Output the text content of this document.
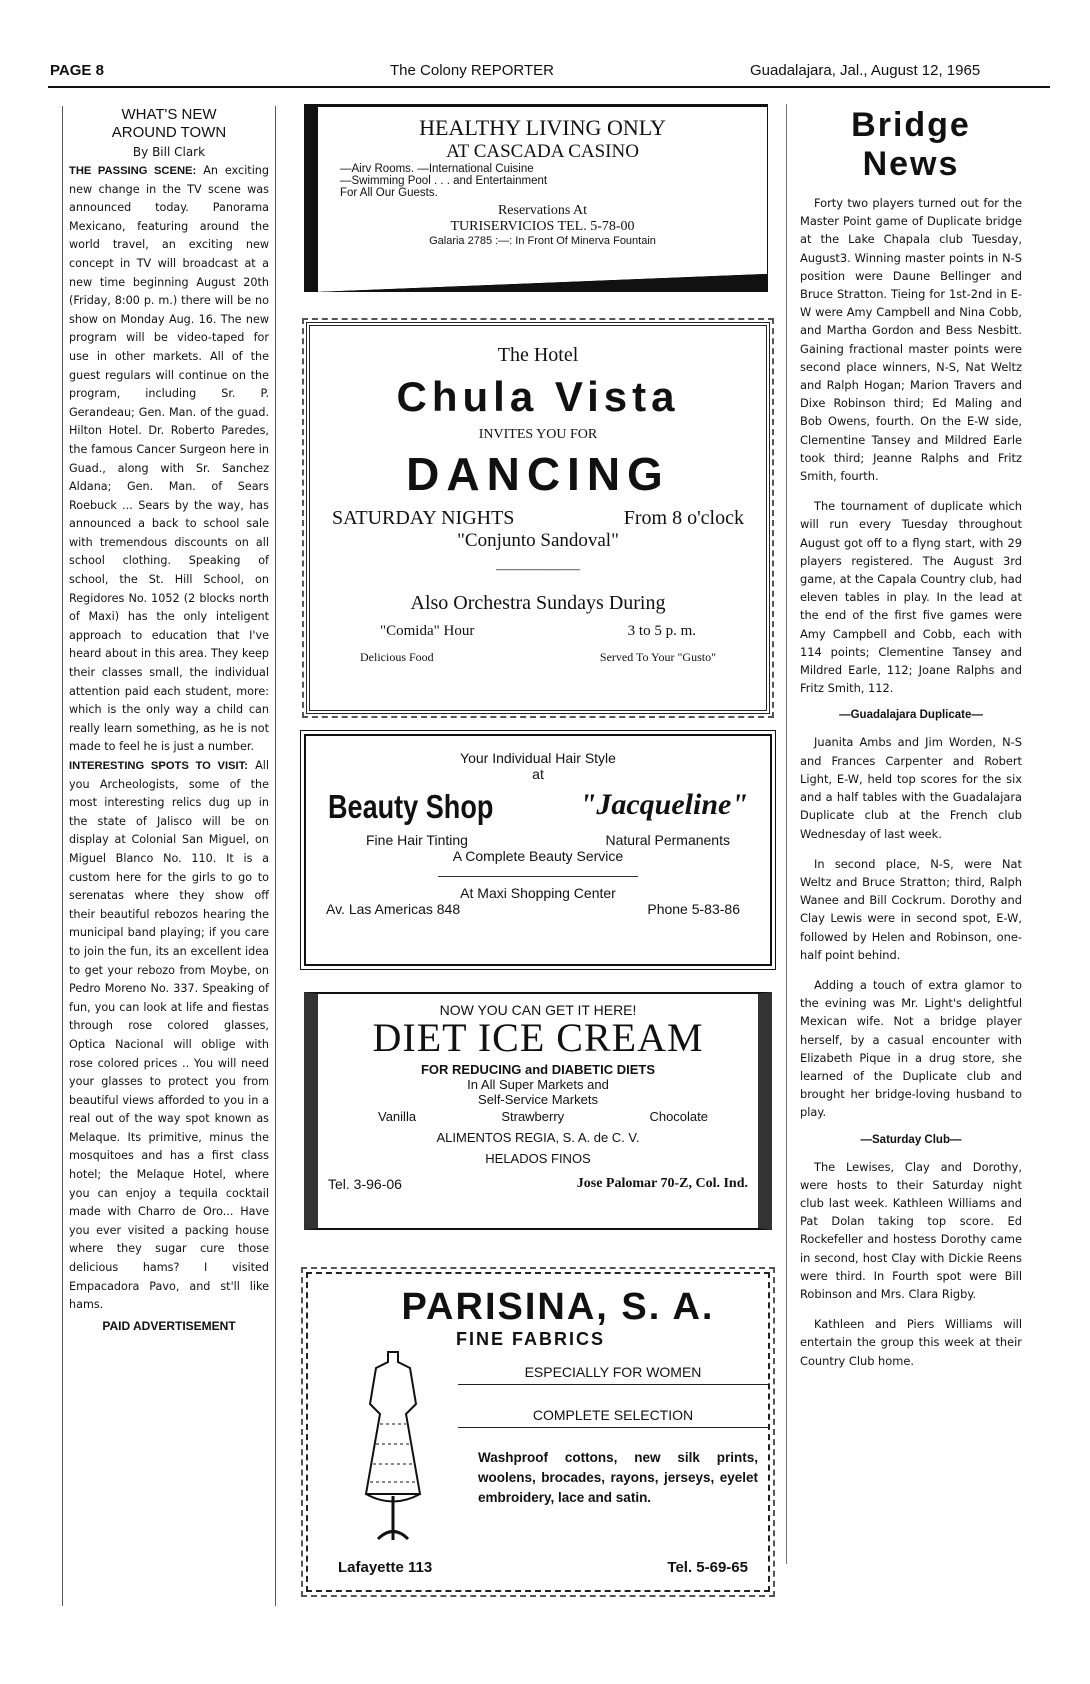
PAGE 8	The Colony REPORTER	Guadalajara, Jal., August 12, 1965
WHAT'S NEW
AROUND TOWN
By Bill Clark

THE PASSING SCENE: An exciting new change in the TV scene was announced today. Panorama Mexicano, featuring around the world travel, an exciting new concept in TV will broadcast at a new time beginning August 20th (Friday, 8:00 p. m.) there will be no show on Monday Aug. 16. The new program will be video-taped for use in other markets. All of the guest regulars will continue on the program, including Sr. P. Gerandeau; Gen. Man. of the guad. Hilton Hotel. Dr. Roberto Paredes, the famous Cancer Surgeon here in Guad., along with Sr. Sanchez Aldana; Gen. Man. of Sears Roebuck ... Sears by the way, has announced a back to school sale with tremendous discounts on all school clothing. Speaking of school, the St. Hill School, on Regidores No. 1052 (2 blocks north of Maxi) has the only inteligent approach to education that I've heard about in this area. They keep their classes small, the individual attention paid each student, more: which is the only way a child can really learn something, as he is not made to feel he is just a number.

INTERESTING SPOTS TO VISIT: All you Archeologists, some of the most interesting relics dug up in the state of Jalisco will be on display at Colonial San Miguel, on Miguel Blanco No. 110. It is a custom here for the girls to go to serenatas where they show off their beautiful rebozos hearing the municipal band playing; if you care to join the fun, its an excellent idea to get your rebozo from Moybe, on Pedro Moreno No. 337. Speaking of fun, you can look at life and fiestas through rose colored glasses, Optica Nacional will oblige with rose colored prices .. You will need your glasses to protect you from beautiful views afforded to you in a real out of the way spot known as Melaque. Its primitive, minus the mosquitoes and has a first class hotel; the Melaque Hotel, where you can enjoy a tequila cocktail made with Charro de Oro... Have you ever visited a packing house where they sugar cure those delicious hams? I visited Empacadora Pavo, and st'll like hams.

PAID ADVERTISEMENT
HEALTHY LIVING ONLY
AT CASCADA CASINO
—Airv Rooms. —International Cuisine
—Swimming Pool . . . and Entertainment
For All Our Guests.
Reservations At
TURISERVICIOS TEL. 5-78-00
Galaria 2785 :—: In Front Of Minerva Fountain
The Hotel
Chula Vista
INVITES YOU FOR
DANCING
SATURDAY NIGHTS	From 8 o'clock
"Conjunto Sandoval"
——————
Also Orchestra Sundays During
"Comida" Hour	3 to 5 p. m.
Delicious Food	Served To Your "Gusto"
Your Individual Hair Style
at
Beauty Shop	"Jacqueline"
Fine Hair Tinting	Natural Permanents
A Complete Beauty Service
At Maxi Shopping Center
Av. Las Americas 848	Phone 5-83-86
NOW YOU CAN GET IT HERE!
DIET ICE CREAM
FOR REDUCING and DIABETIC DIETS
In All Super Markets and
Self-Service Markets
Vanilla	Strawberry	Chocolate
ALIMENTOS REGIA, S. A. de C. V.
HELADOS FINOS
Tel. 3-96-06	Jose Palomar 70-Z, Col. Ind.
PARISINA, S. A.
FINE FABRICS
ESPECIALLY FOR WOMEN
COMPLETE SELECTION
Washproof cottons, new silk prints, woolens, brocades, rayons, jerseys, eyelet embroidery, lace and satin.
Lafayette 113	Tel. 5-69-65
Bridge News

Forty two players turned out for the Master Point game of Duplicate bridge at the Lake Chapala club Tuesday, August3. Winning master points in N-S position were Daune Bellinger and Bruce Stratton. Tieing for 1st-2nd in E-W were Amy Campbell and Nina Cobb, and Martha Gordon and Bess Nesbitt. Gaining fractional master points were second place winners, N-S, Nat Weltz and Ralph Hogan; Marion Travers and Dixe Robinson third; Ed Maling and Bob Owens, fourth. On the E-W side, Clementine Tansey and Mildred Earle took third; Jeanne Ralphs and Fritz Smith, fourth.

The tournament of duplicate which will run every Tuesday throughout August got off to a flyng start, with 29 players registered. The August 3rd game, at the Capala Country club, had eleven tables in play. In the lead at the end of the first five games were Amy Campbell and Cobb, each with 114 points; Clementine Tansey and Mildred Earle, 112; Joane Ralphs and Fritz Smith, 112.

—Guadalajara Duplicate—

Juanita Ambs and Jim Worden, N-S and Frances Carpenter and Robert Light, E-W, held top scores for the six and a half tables with the Guadalajara Duplicate club at the French club Wednesday of last week.

In second place, N-S, were Nat Weltz and Bruce Stratton; third, Ralph Wanee and Bill Cockrum. Dorothy and Clay Lewis were in second spot, E-W, followed by Helen and Robinson, one-half point behind.

Adding a touch of extra glamor to the evining was Mr. Light's delightful Mexican wife. Not a bridge player herself, by a casual encounter with Elizabeth Pique in a drug store, she learned of the Duplicate club and brought her bridge-loving husband to play.

—Saturday Club—

The Lewises, Clay and Dorothy, were hosts to their Saturday night club last week. Kathleen Williams and Pat Dolan taking top score. Ed Rockefeller and hostess Dorothy came in second, host Clay with Dickie Reens were third. In Fourth spot were Bill Robinson and Mrs. Clara Rigby.

Kathleen and Piers Williams will entertain the group this week at their Country Club home.
